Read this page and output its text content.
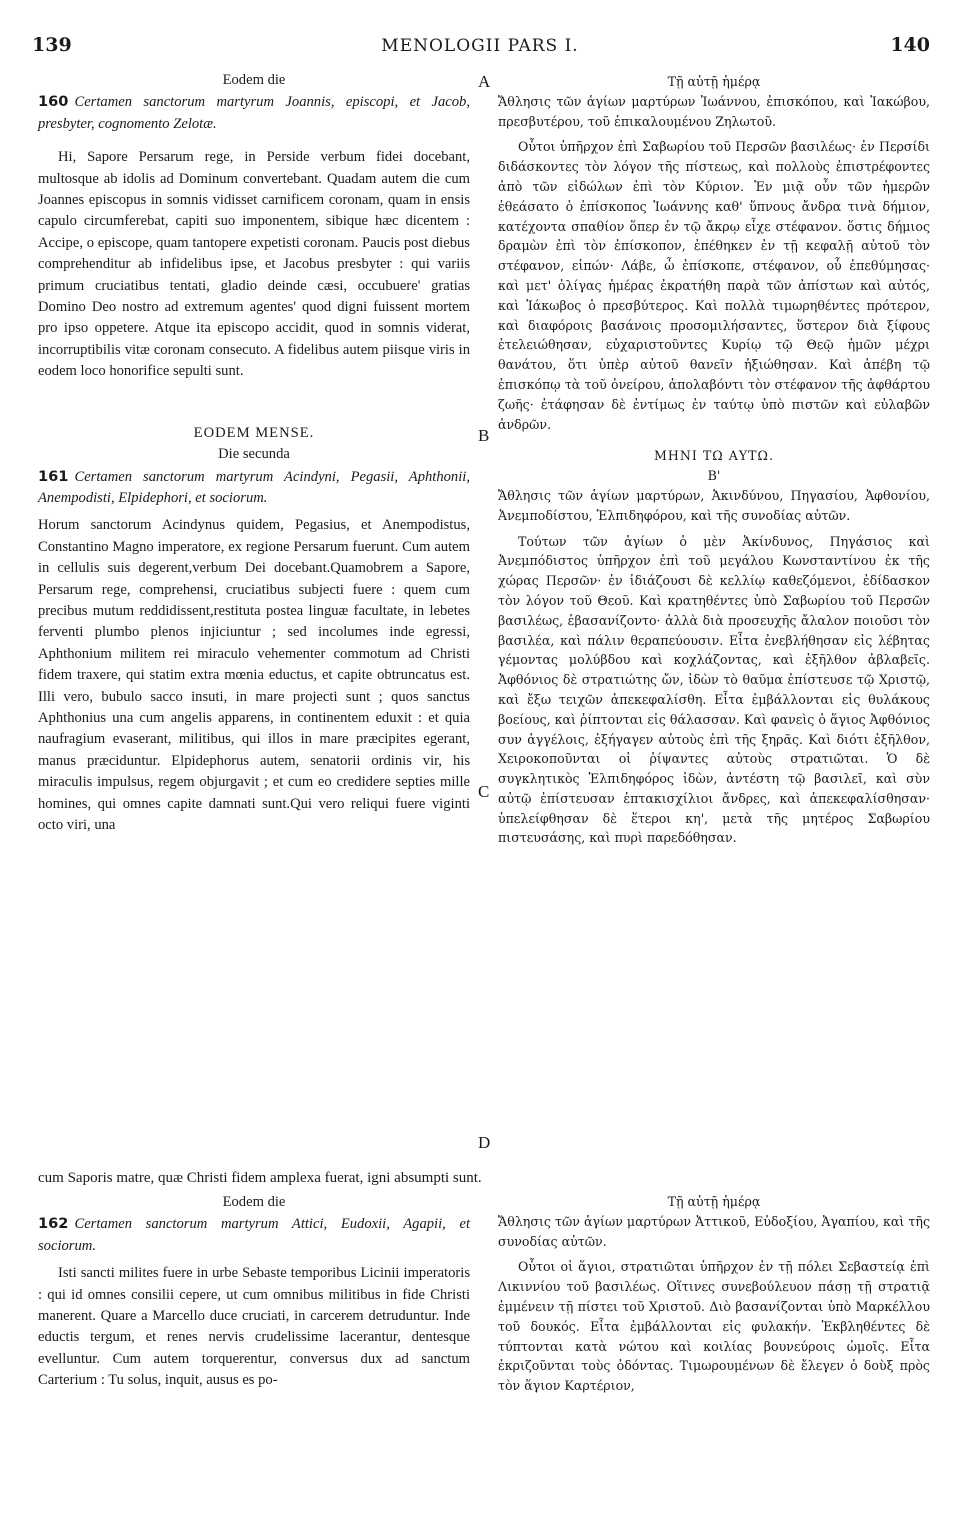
139	MENOLOGII PARS I.	140
A
B
C
D
Eodem die

160 Certamen sanctorum martyrum Joannis, episcopi, et Jacob, presbyter, cognomento Zelotæ.

Hi, Sapore Persarum rege, in Perside verbum fidei docebant, multosque ab idolis ad Dominum convertebant. Quadam autem die cum Joannes episcopus in somnis vidisset carnificem coronam, quam in ensis capulo circumferebat, capiti suo imponentem, sibique hæc dicentem : Accipe, o episcope, quam tantopere expetisti coronam. Paucis post diebus comprehenditur ab infidelibus ipse, et Jacobus presbyter : qui variis primum cruciatibus tentati, gladio deinde cæsi, occubuere' gratias Domino Deo nostro ad extremum agentes' quod digni fuissent mortem pro ipso oppetere. Atque ita episcopo accidit, quod in somnis viderat, incorruptibilis vitæ coronam consecuto. A fidelibus autem piisque viris in eodem loco honorifice sepulti sunt.

EODEM MENSE.
Die secunda

161 Certamen sanctorum martyrum Acindyni, Pegasii, Aphthonii, Anempodisti, Elpidephori, et sociorum.

Horum sanctorum Acindynus quidem, Pegasius, et Anempodistus, Constantino Magno imperatore, ex regione Persarum fuerunt. Cum autem in cellulis suis degerent,verbum Dei docebant.Quamobrem a Sapore, Persarum rege, comprehensi, cruciatibus subjecti fuere : quem cum precibus mutum reddidissent,restituta postea linguæ facultate, in lebetes ferventi plumbo plenos injiciuntur ; sed incolumes inde egressi, Aphthonium militem rei miraculo vehementer commotum ad Christi fidem traxere, qui statim extra mœnia eductus, et capite obtruncatus est. Illi vero, bubulo sacco insuti, in mare projecti sunt ; quos sanctus Aphthonius una cum angelis apparens, in continentem eduxit : et quia naufragium evaserant, militibus, qui illos in mare præcipites egerant, manus præciduntur. Elpidephorus autem, senatorii ordinis vir, his miraculis impulsus, regem objurgavit ; et cum eo credidere septies mille homines, qui omnes capite damnati sunt.Qui vero reliqui fuere viginti octo viri, una

cum Saporis matre, quæ Christi fidem amplexa fuerat, igni absumpti sunt.
Eodem die

162 Certamen sanctorum martyrum Attici, Eudoxii, Agapii, et sociorum.

Isti sancti milites fuere in urbe Sebaste temporibus Licinii imperatoris : qui id omnes consilii cepere, ut cum omnibus militibus in fide Christi manerent. Quare a Marcello duce cruciati, in carcerem detruduntur. Inde eductis tergum, et renes nervis crudelissime lacerantur, dentesque evelluntur. Cum autem torquerentur, conversus dux ad sanctum Carterium : Tu solus, inquit, ausus es po-

Τῇ αὐτῇ ἡμέρᾳ

Ἄθλησις τῶν ἁγίων μαρτύρων Ἰωάννου, ἐπισκόπου, καὶ Ἰακώβου, πρεσβυτέρου, τοῦ ἐπικαλουμένου Ζηλωτοῦ.

Οὗτοι ὑπῆρχον ἐπὶ Σαβωρίου τοῦ Περσῶν βασιλέως· ἐν Περσίδι διδάσκοντες τὸν λόγον τῆς πίστεως, καὶ πολλοὺς ἐπιστρέφοντες ἀπὸ τῶν εἰδώλων ἐπὶ τὸν Κύριον. Ἐν μιᾷ οὖν τῶν ἡμερῶν ἐθεάσατο ὁ ἐπίσκοπος Ἰωάννης καθ' ὕπνους ἄνδρα τινὰ δήμιον, κατέχοντα σπαθίον ὅπερ ἐν τῷ ἄκρῳ εἶχε στέφανον. ὅστις δήμιος δραμὼν ἐπὶ τὸν ἐπίσκοπον, ἐπέθηκεν ἐν τῇ κεφαλῇ αὐτοῦ τὸν στέφανον, εἰπών· Λάβε, ὦ ἐπίσκοπε, στέφανον, οὗ ἐπεθύμησας· καὶ μετ' ὀλίγας ἡμέρας ἐκρατήθη παρὰ τῶν ἀπίστων καὶ αὐτός, καὶ Ἰάκωβος ὁ πρεσβύτερος. Καὶ πολλὰ τιμωρηθέντες πρότερον, καὶ διαφόροις βασάνοις προσομιλήσαντες, ὕστερον διὰ ξίφους ἐτελειώθησαν, εὐχαριστοῦντες Κυρίῳ τῷ Θεῷ ἡμῶν μέχρι θανάτου, ὅτι ὑπὲρ αὐτοῦ θανεῖν ἠξιώθησαν. Καὶ ἀπέβη τῷ ἐπισκόπῳ τὰ τοῦ ὀνείρου, ἀπολαβόντι τὸν στέφανον τῆς ἀφθάρτου ζωῆς· ἐτάφησαν δὲ ἐντίμως ἐν ταύτῳ ὑπὸ πιστῶν καὶ εὐλαβῶν ἀνδρῶν.

ΜΗΝΙ ΤΩ ΑΥΤΩ.
Β'

Ἄθλησις τῶν ἁγίων μαρτύρων, Ἀκινδύνου, Πηγασίου, Ἀφθονίου, Ἀνεμποδίστου, Ἐλπιδηφόρου, καὶ τῆς συνοδίας αὐτῶν.

Τούτων τῶν ἁγίων ὁ μὲν Ἀκίνδυνος, Πηγάσιος καὶ Ἀνεμπόδιστος ὑπῆρχον ἐπὶ τοῦ μεγάλου Κωνσταντίνου ἐκ τῆς χώρας Περσῶν· ἐν ἰδιάζουσι δὲ κελλίῳ καθεζόμενοι, ἐδίδασκον τὸν λόγον τοῦ Θεοῦ. Καὶ κρατηθέντες ὑπὸ Σαβωρίου τοῦ Περσῶν βασιλέως, ἐβασανίζοντο· ἀλλὰ διὰ προσευχῆς ἄλαλον ποιοῦσι τὸν βασιλέα, καὶ πάλιν θεραπεύουσιν. Εἶτα ἐνεβλήθησαν εἰς λέβητας γέμοντας μολύβδου καὶ κοχλάζοντας, καὶ ἐξῆλθον ἀβλαβεῖς. Ἀφθόνιος δὲ στρατιώτης ὤν, ἰδὼν τὸ θαῦμα ἐπίστευσε τῷ Χριστῷ, καὶ ἔξω τειχῶν ἀπεκεφαλίσθη. Εἶτα ἐμβάλλονται εἰς θυλάκους βοείους, καὶ ῥίπτονται εἰς θάλασσαν. Καὶ φανεὶς ὁ ἅγιος Ἀφθόνιος συν ἀγγέλοις, ἐξήγαγεν αὐτοὺς ἐπὶ τῆς ξηρᾶς. Καὶ διότι ἐξῆλθον, Χειροκοποῦνται οἱ ῥίψαντες αὐτοὺς στρατιῶται. Ὁ δὲ συγκλητικὸς Ἐλπιδηφόρος ἰδὼν, ἀντέστη τῷ βασιλεῖ, καὶ σὺν αὐτῷ ἐπίστευσαν ἑπτακισχίλιοι ἄνδρες, καὶ ἀπεκεφαλίσθησαν· ὑπελείφθησαν δὲ ἕτεροι κη', μετὰ τῆς μητέρος Σαβωρίου πιστευσάσης, καὶ πυρὶ παρεδόθησαν.

Τῇ αὐτῇ ἡμέρᾳ

Ἄθλησις τῶν ἁγίων μαρτύρων Ἀττικοῦ, Εὐδοξίου, Ἀγαπίου, καὶ τῆς συνοδίας αὐτῶν.

Οὗτοι οἱ ἅγιοι, στρατιῶται ὑπῆρχον ἐν τῇ πόλει Σεβαστείᾳ ἐπὶ Λικιννίου τοῦ βασιλέως. Οἵτινες συνεβούλευον πάσῃ τῇ στρατιᾷ ἐμμένειν τῇ πίστει τοῦ Χριστοῦ. Διὸ βασανίζονται ὑπὸ Μαρκέλλου τοῦ δουκός. Εἶτα ἐμβάλλονται εἰς φυλακήν. Ἐκβληθέντες δὲ τύπτονται κατὰ νώτου καὶ κοιλίας βουνεύροις ὠμοῖς. Εἶτα ἐκριζοῦνται τοὺς ὀδόντας. Τιμωρουμένων δὲ ἔλεγεν ὁ δοὺξ πρὸς τὸν ἅγιον Καρτέριον,
